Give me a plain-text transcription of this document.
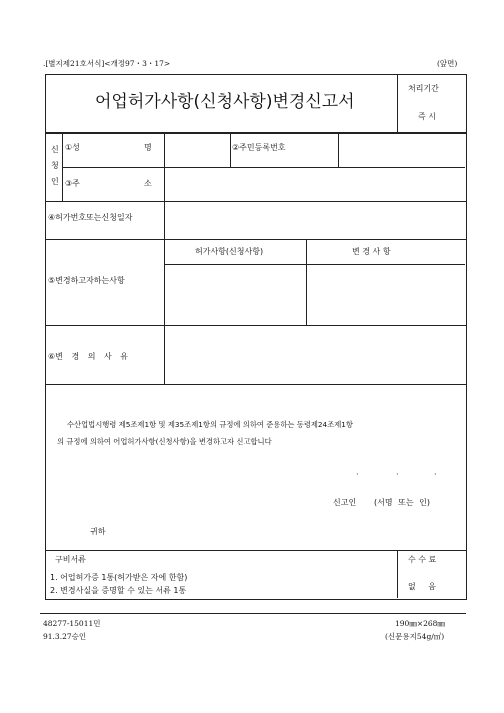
.[별지제21호서식]<개정97・3・17>	(앞면)
어업허가사항(신청사항)변경신고서
처리기간
즉 시
신
청
인
①성	명	②주민등록번호
③주	소
④허가번호또는신청일자
⑤변경하고자하는사항
허가사항(신청사항)	변 경 사 항
⑥변 경 의 사 유
수산업법시행령 제5조제1항 및 제35조제1항의 규정에 의하여 준용하는 동령제24조제1항
의 규정에 의하여 어업허가사항(신청사항)을 변경하고자 신고합니다
·	·	·
신고인 (서명 또는 인)
귀하
구비서류
1. 어업허가증 1통(허가받은 자에 한함)
2. 변경사실을 증명할 수 있는 서류 1통
수 수 료
없 음
48277-15011민
91.3.27승인
190㎜×268㎜
(신문용지54g/㎡)
